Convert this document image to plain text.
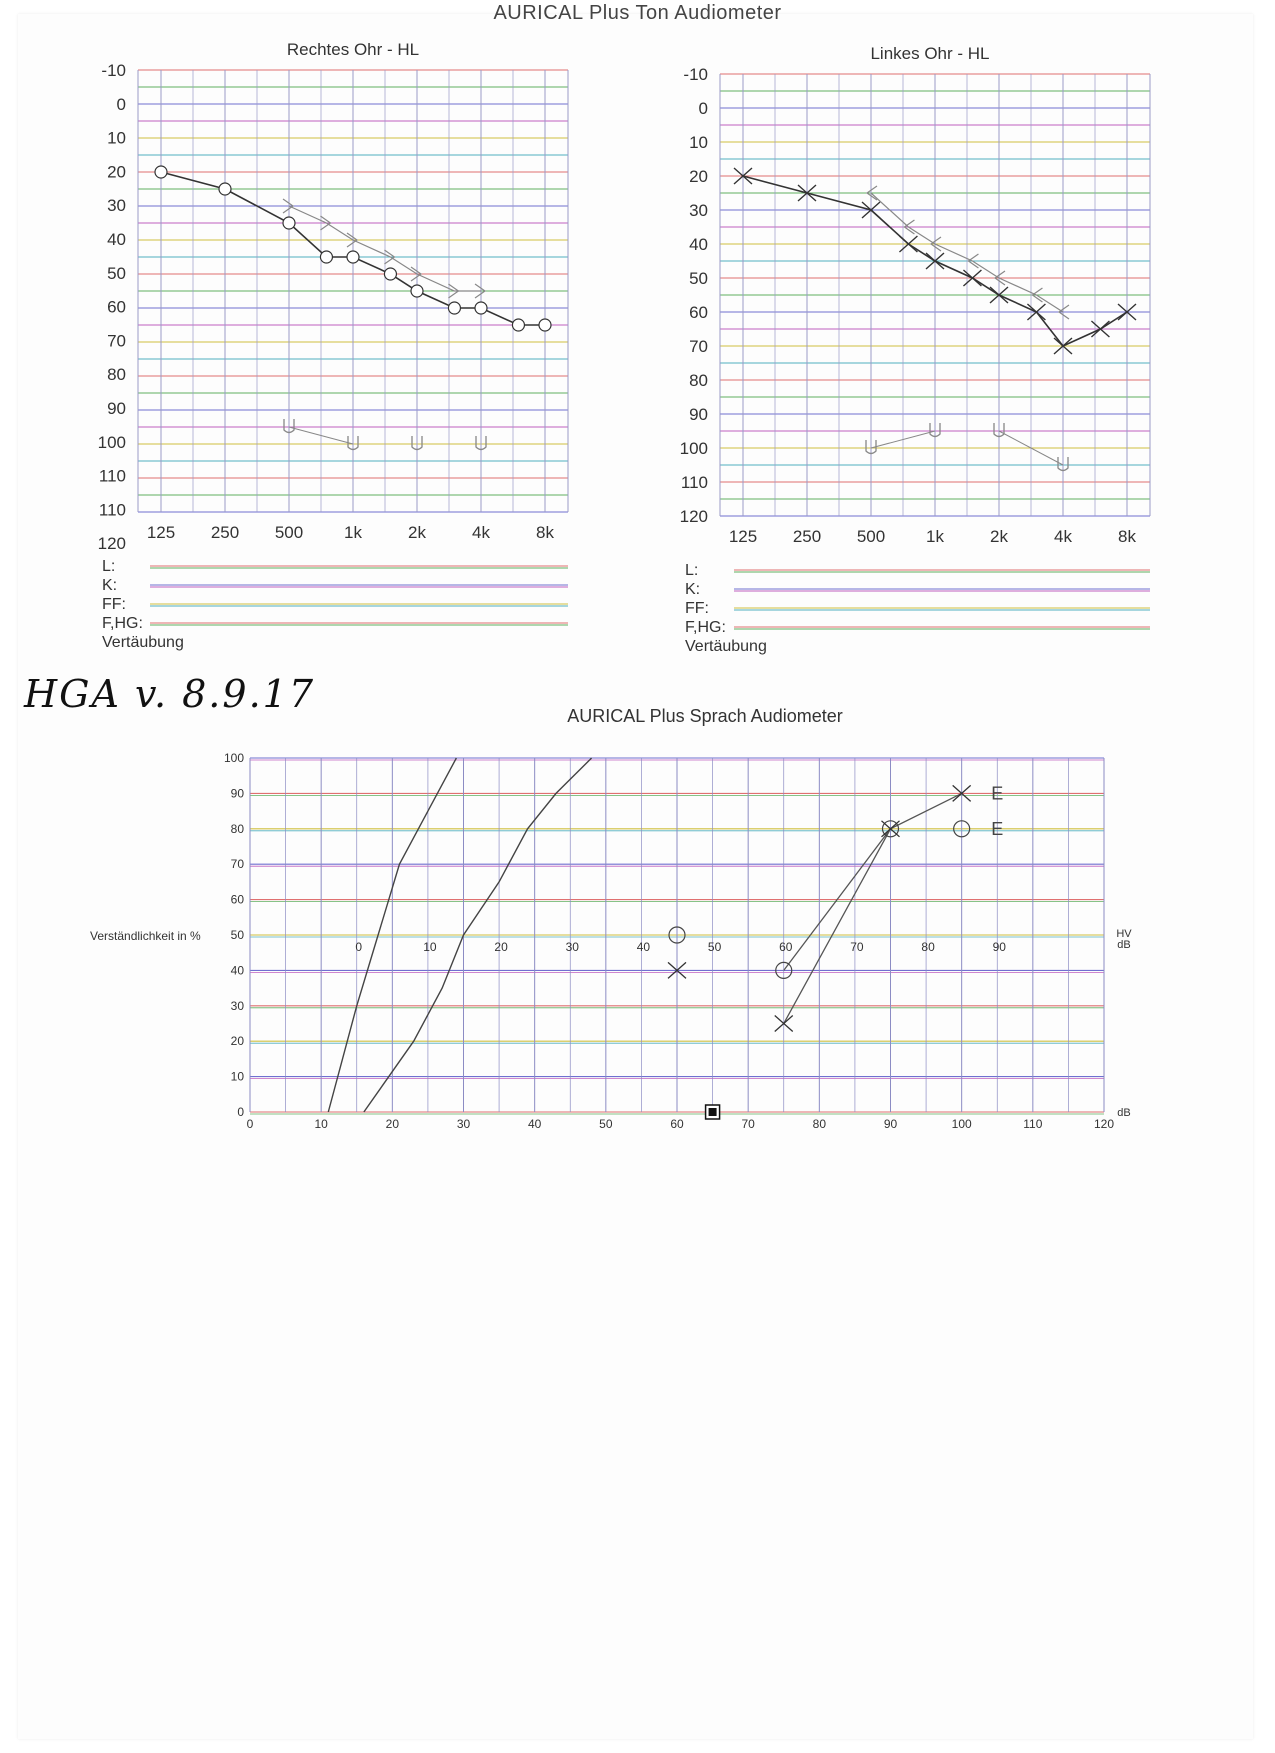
AURICAL Plus Ton Audiometer
Rechtes Ohr - HL	Linkes Ohr - HL
L:
K:
FF:
F,HG:
Vertäubung
L:
K:
FF:
F,HG:
Vertäubung
HGA v. 8.9.17	AURICAL Plus Sprach Audiometer
-10
0
10
20
30
40
50
60
70
80
90
100
110
110
120
125 250 500 1k	2k	4k	8k
-10
0
10
20
30
40
50
60
70
80
90
100
110
120
125 250 500 1k	2k	4k	8k
0
10
20
30
40
50
60
70
80
90
100
0	10	20	30	40	50	60	70	80	90	100	110	120
0	10	20	30	40	50	60	70	80	90
Verständlichkeit in %
dB
HV
dB
E
E
